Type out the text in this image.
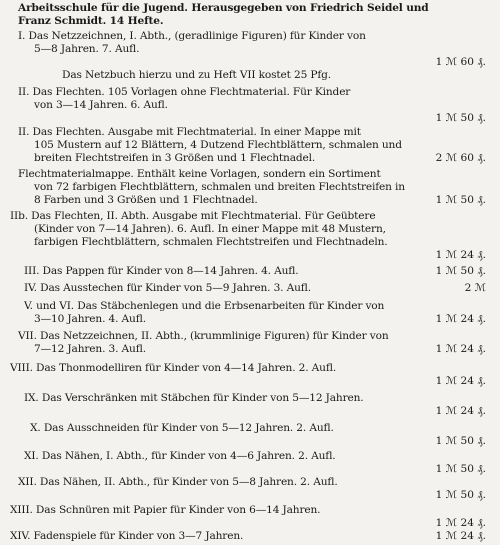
Arbeitsschule für die Jugend. Herausgegeben von Friedrich Seidel und
Franz Schmidt. 14 Hefte.
I. Das Netzzeichnen, I. Abth., (geradlinige Figuren) für Kinder von
5—8 Jahren. 7. Aufl.
1 ℳ 60 ₰.
Das Netzbuch hierzu und zu Heft VII kostet 25 Pfg.
II. Das Flechten. 105 Vorlagen ohne Flechtmaterial. Für Kinder
von 3—14 Jahren. 6. Aufl.
1 ℳ 50 ₰.
II. Das Flechten. Ausgabe mit Flechtmaterial. In einer Mappe mit
105 Mustern auf 12 Blättern, 4 Dutzend Flechtblättern, schmalen und
breiten Flechtstreifen in 3 Größen und 1 Flechtnadel.	2 ℳ 60 ₰.
Flechtmaterialmappe. Enthält keine Vorlagen, sondern ein Sortiment
von 72 farbigen Flechtblättern, schmalen und breiten Flechtstreifen in
8 Farben und 3 Größen und 1 Flechtnadel.	1 ℳ 50 ₰.
IIb. Das Flechten, II. Abth. Ausgabe mit Flechtmaterial. Für Geübtere
(Kinder von 7—14 Jahren). 6. Aufl. In einer Mappe mit 48 Mustern,
farbigen Flechtblättern, schmalen Flechtstreifen und Flechtnadeln.
1 ℳ 24 ₰.
III. Das Pappen für Kinder von 8—14 Jahren. 4. Aufl.	1 ℳ 50 ₰.
IV. Das Ausstechen für Kinder von 5—9 Jahren. 3. Aufl.	2 ℳ
V. und VI. Das Stäbchenlegen und die Erbsenarbeiten für Kinder von
3—10 Jahren. 4. Aufl.	1 ℳ 24 ₰.
VII. Das Netzzeichnen, II. Abth., (krummlinige Figuren) für Kinder von
7—12 Jahren. 3. Aufl.	1 ℳ 24 ₰.
VIII. Das Thonmodelliren für Kinder von 4—14 Jahren. 2. Aufl.
1 ℳ 24 ₰.
IX. Das Verschränken mit Stäbchen für Kinder von 5—12 Jahren.
1 ℳ 24 ₰.
X. Das Ausschneiden für Kinder von 5—12 Jahren. 2. Aufl.
1 ℳ 50 ₰.
XI. Das Nähen, I. Abth., für Kinder von 4—6 Jahren. 2. Aufl.
1 ℳ 50 ₰.
XII. Das Nähen, II. Abth., für Kinder von 5—8 Jahren. 2. Aufl.
1 ℳ 50 ₰.
XIII. Das Schnüren mit Papier für Kinder von 6—14 Jahren.
1 ℳ 24 ₰.
XIV. Fadenspiele für Kinder von 3—7 Jahren.	1 ℳ 24 ₰.
